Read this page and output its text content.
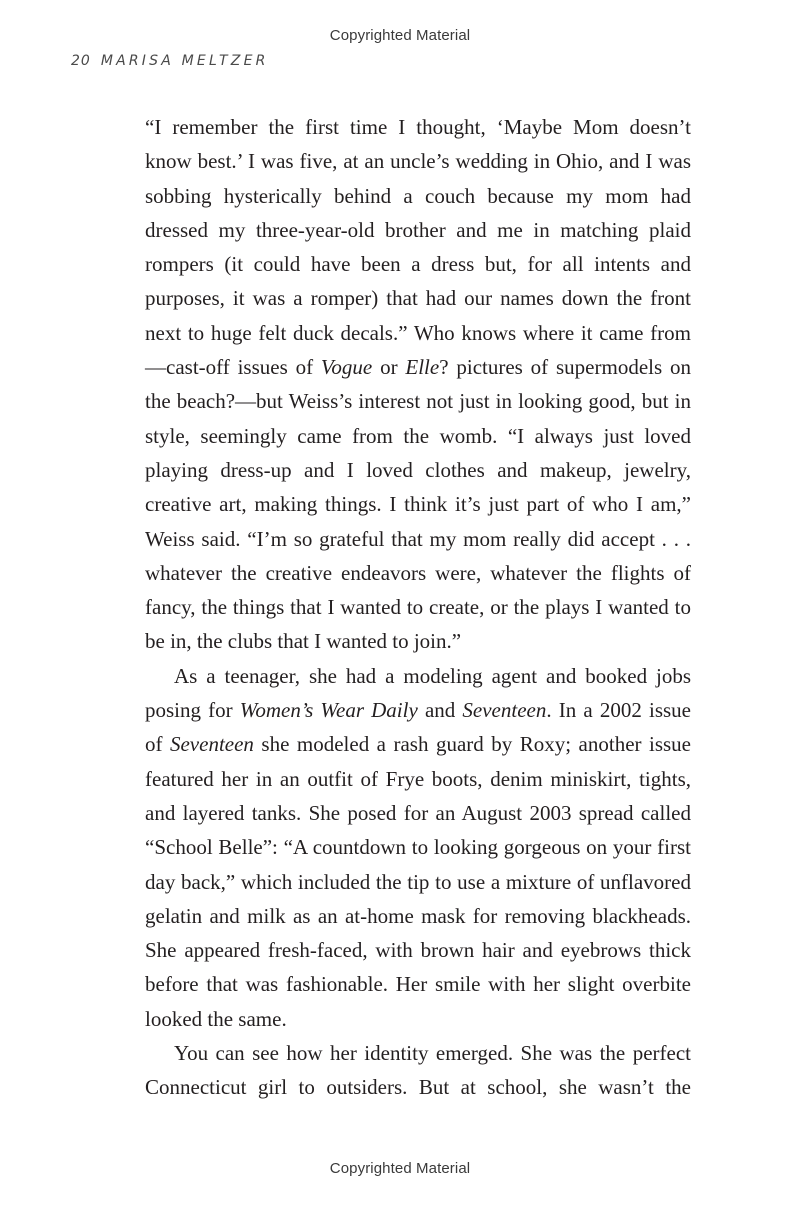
Copyrighted Material
20 MARISA MELTZER

“I remember the first time I thought, ‘Maybe Mom doesn’t know best.’ I was five, at an uncle’s wedding in Ohio, and I was sobbing hysterically behind a couch because my mom had dressed my three-year-old brother and me in matching plaid rompers (it could have been a dress but, for all intents and purposes, it was a romper) that had our names down the front next to huge felt duck decals.” Who knows where it came from—cast-off issues of Vogue or Elle? pictures of supermodels on the beach?—but Weiss’s interest not just in looking good, but in style, seemingly came from the womb. “I always just loved playing dress-up and I loved clothes and makeup, jewelry, creative art, making things. I think it’s just part of who I am,” Weiss said. “I’m so grateful that my mom really did accept . . . whatever the creative endeavors were, whatever the flights of fancy, the things that I wanted to create, or the plays I wanted to be in, the clubs that I wanted to join.”

As a teenager, she had a modeling agent and booked jobs posing for Women’s Wear Daily and Seventeen. In a 2002 issue of Seventeen she modeled a rash guard by Roxy; another issue featured her in an outfit of Frye boots, denim miniskirt, tights, and layered tanks. She posed for an August 2003 spread called “School Belle”: “A countdown to looking gorgeous on your first day back,” which included the tip to use a mixture of unflavored gelatin and milk as an at-home mask for removing blackheads. She appeared fresh-faced, with brown hair and eyebrows thick before that was fashionable. Her smile with her slight overbite looked the same.

You can see how her identity emerged. She was the perfect Connecticut girl to outsiders. But at school, she wasn’t the

Copyrighted Material
